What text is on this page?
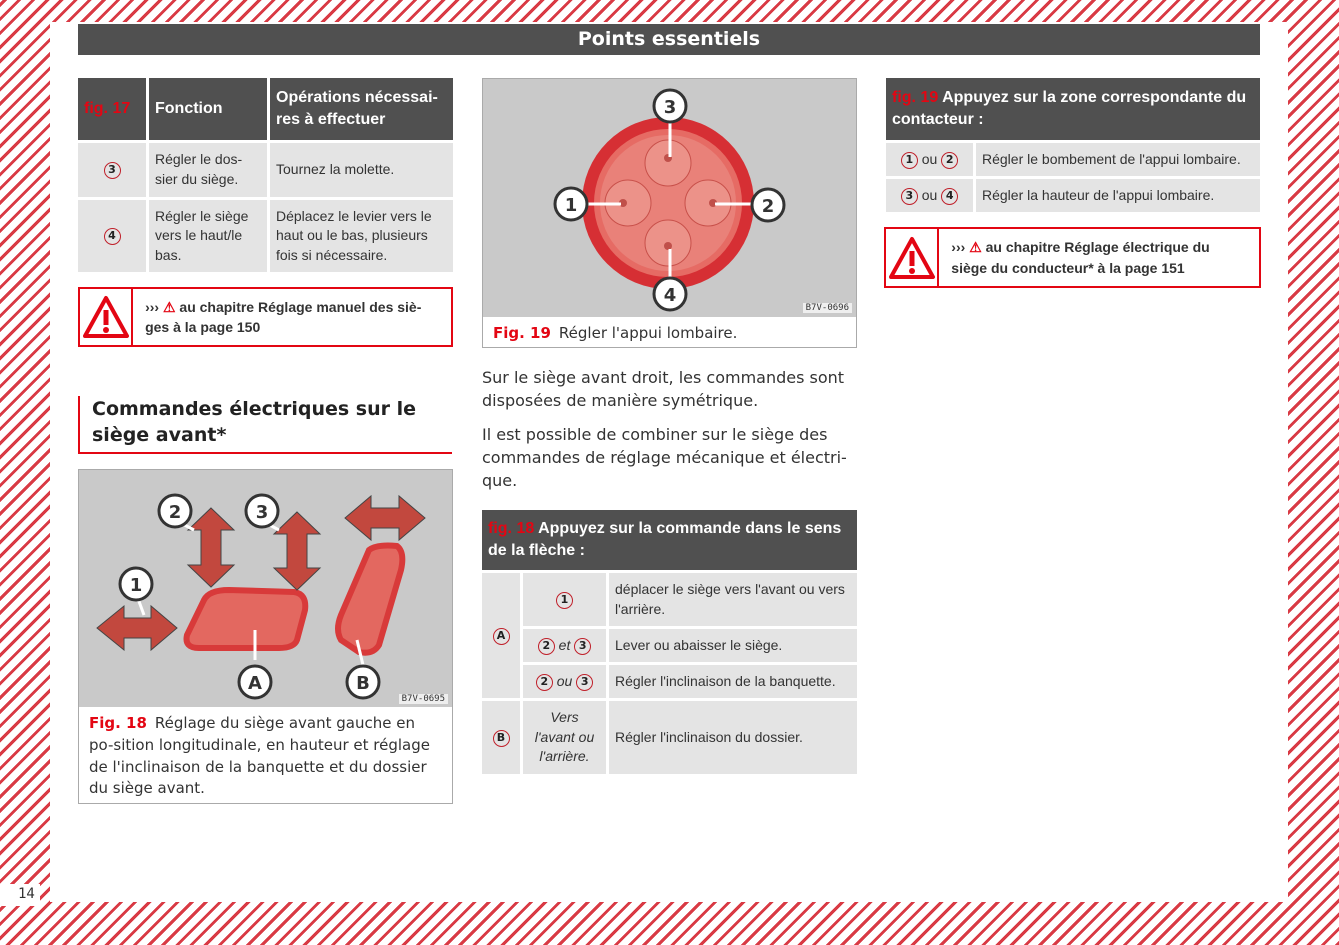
14
Points essentiels
fig. 17	Fonction	Opérations nécessai-res à effectuer
3	Régler le dos-sier du siège.	Tournez la molette.
4	Régler le siège vers le haut/le bas.	Déplacez le levier vers le haut ou le bas, plusieurs fois si nécessaire.
››› ⚠ au chapitre Réglage manuel des siè-ges à la page 150
Commandes électriques sur le siège avant*
1
2	3
A	B
B7V-0695
Fig. 18 Réglage du siège avant gauche en po-sition longitudinale, en hauteur et réglage de l'inclinaison de la banquette et du dossier du siège avant.
3
1	2
4
B7V-0696
Fig. 19 Régler l'appui lombaire.
Sur le siège avant droit, les commandes sont disposées de manière symétrique.
Il est possible de combiner sur le siège des commandes de réglage mécanique et électri-que.
fig. 18 Appuyez sur la commande dans le sens de la flèche :		
A	1	déplacer le siège vers l'avant ou vers l'arrière.
	2 et 3	Lever ou abaisser le siège.
	2 ou 3	Régler l'inclinaison de la banquette.
B	Vers l'avant ou l'arrière.	Régler l'inclinaison du dossier.
fig. 19 Appuyez sur la zone correspondante du contacteur :	
1 ou 2	Régler le bombement de l'appui lombaire.
3 ou 4	Régler la hauteur de l'appui lombaire.
››› ⚠ au chapitre Réglage électrique du siège du conducteur* à la page 151
